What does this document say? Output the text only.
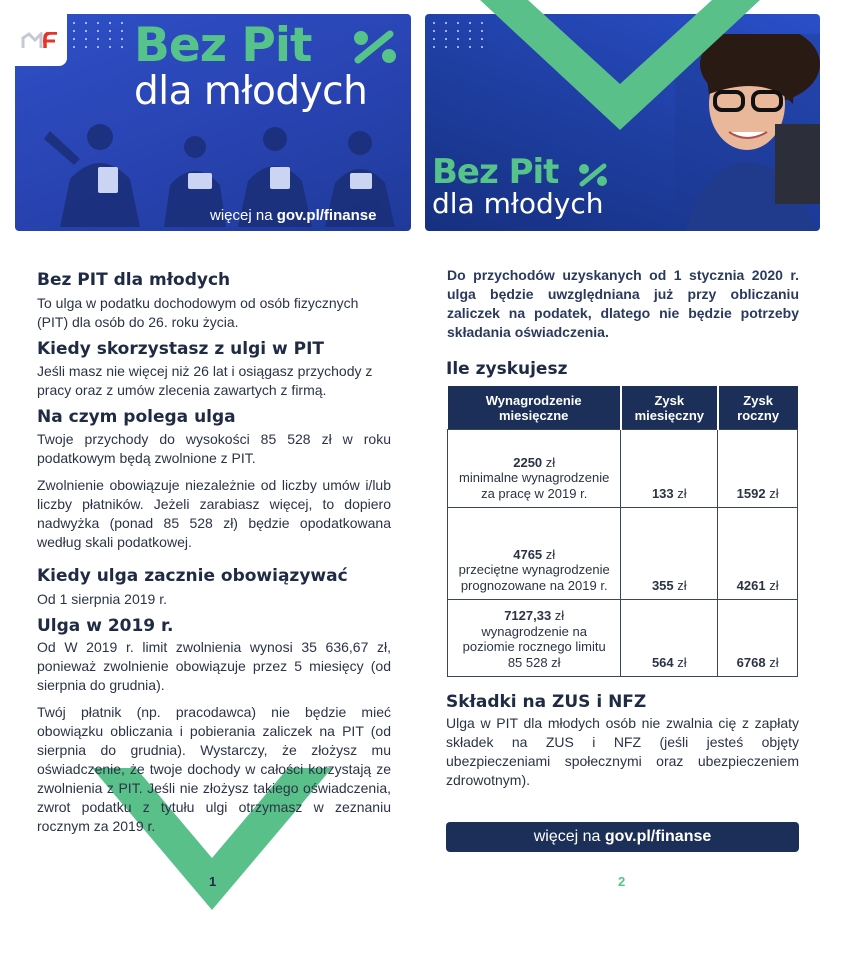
więcej na gov.pl/finanse
Bez Pit
dla młodych
Bez Pit
dla młodych
Bez PIT dla młodych

To ulga w podatku dochodowym od osób fizycznych (PIT) dla osób do 26. roku życia.

Kiedy skorzystasz z ulgi w PIT

Jeśli masz nie więcej niż 26 lat i osiągasz przychody z pracy oraz z umów zlecenia zawartych z firmą.

Na czym polega ulga

Twoje przychody do wysokości 85 528 zł w roku podatkowym będą zwolnione z PIT.

Zwolnienie obowiązuje niezależnie od liczby umów i/lub liczby płatników. Jeżeli zarabiasz więcej, to dopiero nadwyżka (ponad 85 528 zł) będzie opodatkowana według skali podatkowej.

Kiedy ulga zacznie obowiązywać

Od 1 sierpnia 2019 r.

Ulga w 2019 r.

Od W 2019 r. limit zwolnienia wynosi 35 636,67 zł, ponieważ zwolnienie obowiązuje przez 5 miesięcy (od sierpnia do grudnia).

Twój płatnik (np. pracodawca) nie będzie mieć obowiązku obliczania i pobierania zaliczek na PIT (od sierpnia do grudnia). Wystarczy, że złożysz mu oświadczenie, że twoje dochody w całości korzystają ze zwolnienia z PIT. Jeśli nie złożysz takiego oświadczenia, zwrot podatku z tytułu ulgi otrzymasz w zeznaniu rocznym za 2019 r.

1

Do przychodów uzyskanych od 1 stycznia 2020 r. ulga będzie uwzględniana już przy obliczaniu zaliczek na podatek, dlatego nie będzie potrzeby składania oświadczenia.

Ile zyskujesz
Wynagrodzenie miesięczne	Zysk miesięczny	Zysk roczny
2250 zł
minimalne wynagrodzenie za pracę w 2019 r.	133 zł	1592 zł
4765 zł
przeciętne wynagrodzenie prognozowane na 2019 r.	355 zł	4261 zł
7127,33 zł
wynagrodzenie na poziomie rocznego limitu 85 528 zł	564 zł	6768 zł
Składki na ZUS i NFZ

Ulga w PIT dla młodych osób nie zwalnia cię z zapłaty składek na ZUS i NFZ (jeśli jesteś objęty ubezpieczeniami społecznymi oraz ubezpieczeniem zdrowotnym).

więcej na gov.pl/finanse
2
